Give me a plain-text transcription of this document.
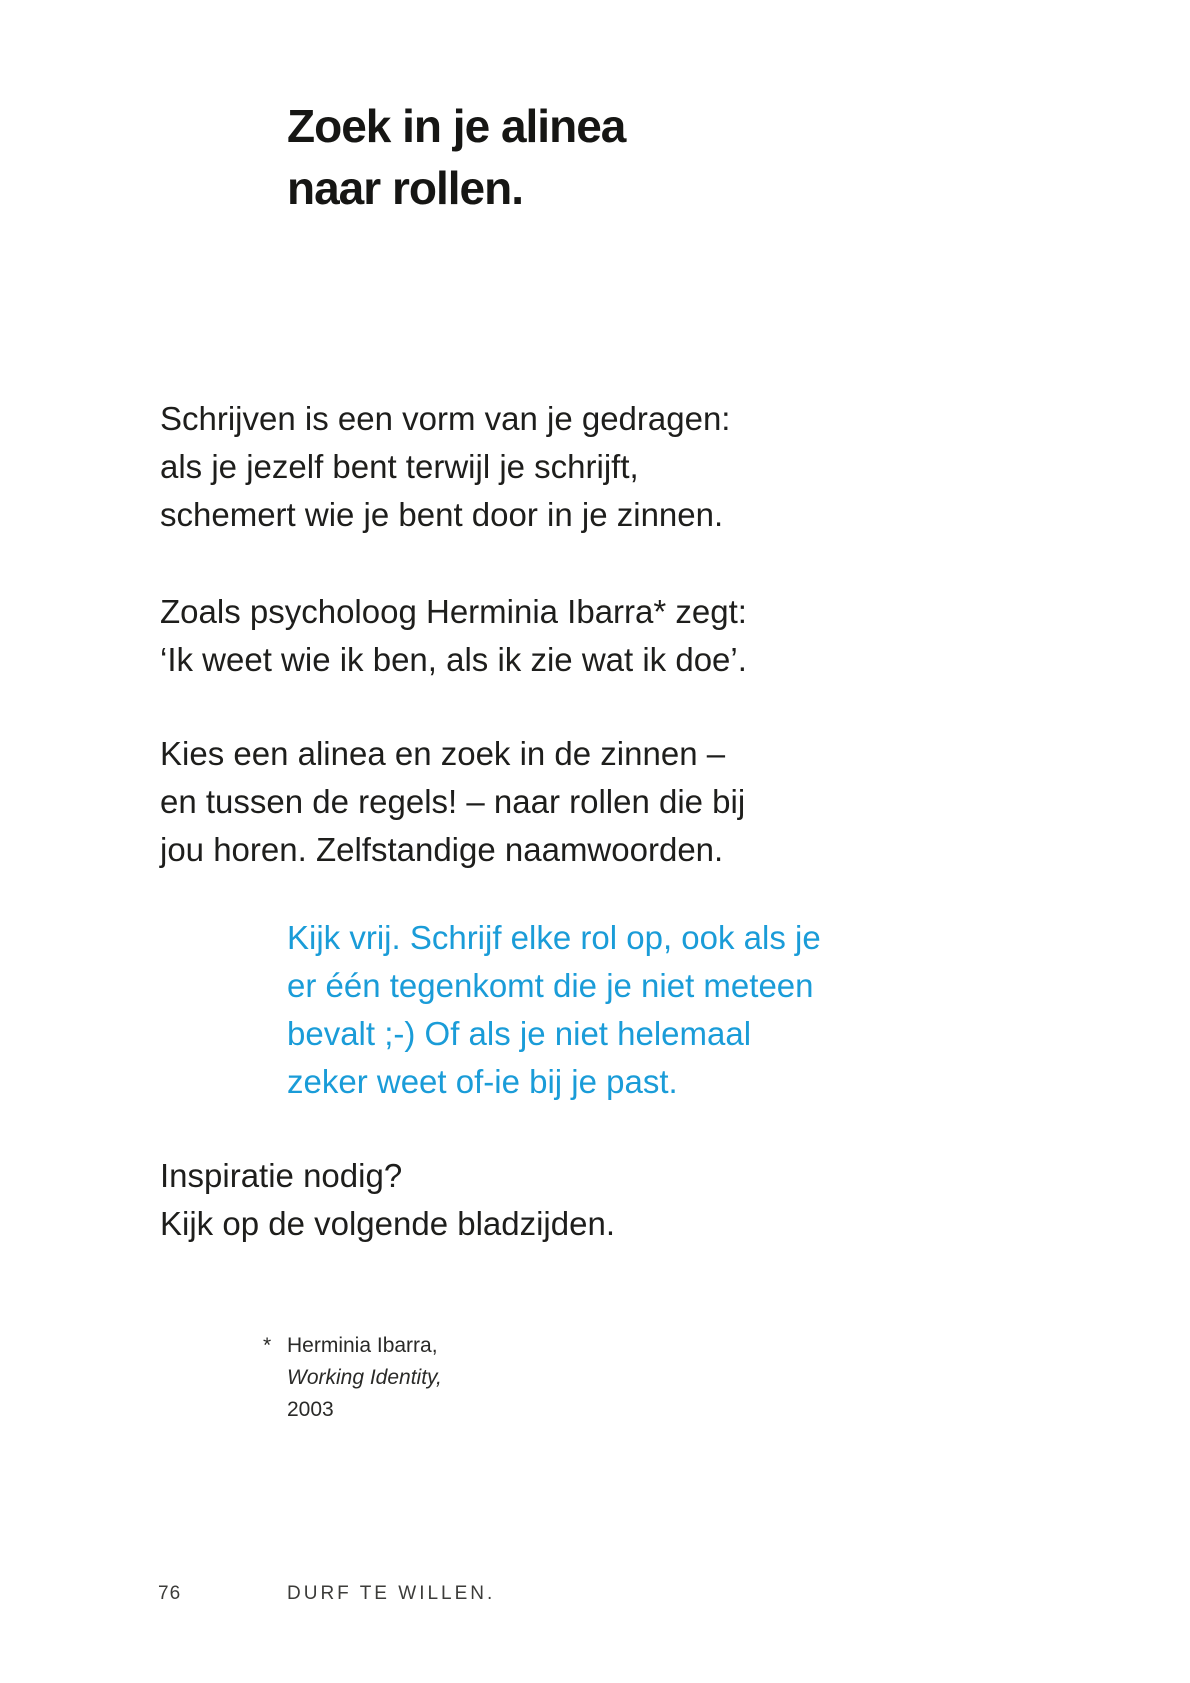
Zoek in je alinea
naar rollen.
Schrijven is een vorm van je gedragen:
als je jezelf bent terwijl je schrijft,
schemert wie je bent door in je zinnen.
Zoals psycholoog Herminia Ibarra* zegt:
‘Ik weet wie ik ben, als ik zie wat ik doe’.
Kies een alinea en zoek in de zinnen –
en tussen de regels! – naar rollen die bij
jou horen. Zelfstandige naamwoorden.
Kijk vrij. Schrijf elke rol op, ook als je
er één tegenkomt die je niet meteen
bevalt ;-) Of als je niet helemaal
zeker weet of-ie bij je past.
Inspiratie nodig?
Kijk op de volgende bladzijden.
* Herminia Ibarra,
Working Identity,
2003
76	DURF TE WILLEN.
